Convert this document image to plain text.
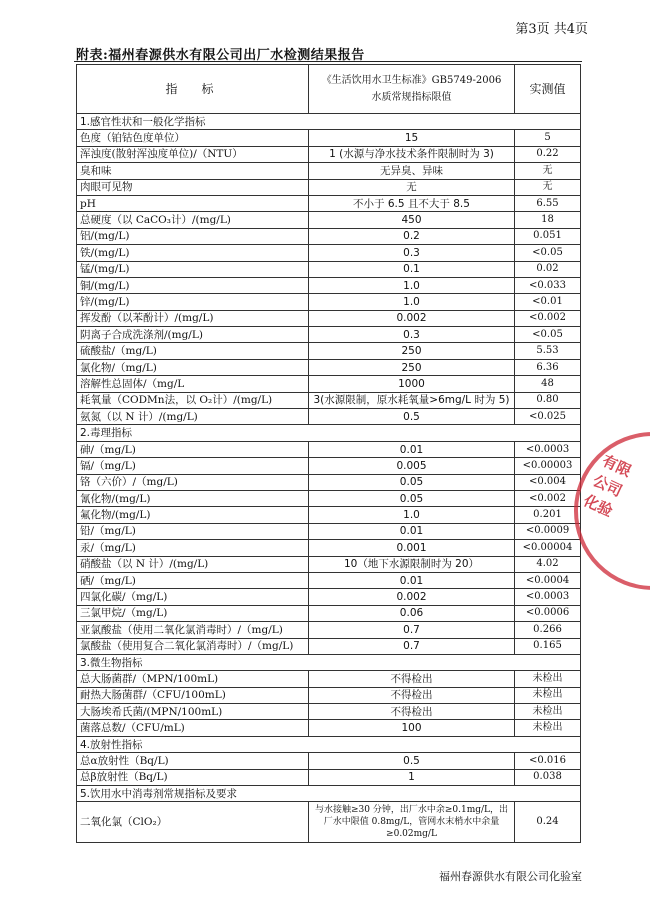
第3页 共4页
附表:福州春源供水有限公司出厂水检测结果报告
指　标	《生活饮用水卫生标准》GB5749-2006
水质常规指标限值	实测值
1.感官性状和一般化学指标		
色度（铂钴色度单位）	15	5
浑浊度(散射浑浊度单位)/（NTU）	1 (水源与净水技术条件限制时为 3)	0.22
臭和味	无异臭、异味	无
肉眼可见物	无	无
pH	不小于 6.5 且不大于 8.5	6.55
总硬度（以 CaCO₃计）/(mg/L)	450	18
铝/(mg/L)	0.2	0.051
铁/(mg/L)	0.3	<0.05
锰/(mg/L)	0.1	0.02
铜/(mg/L)	1.0	<0.033
锌/(mg/L)	1.0	<0.01
挥发酚（以苯酚计）/(mg/L)	0.002	<0.002
阴离子合成洗涤剂/(mg/L)	0.3	<0.05
硫酸盐/（mg/L)	250	5.53
氯化物/（mg/L)	250	6.36
溶解性总固体/（mg/L	1000	48
耗氧量（CODMn法，以 O₂计）/(mg/L)	3(水源限制，原水耗氧量>6mg/L 时为 5)	0.80
氨氮（以 N 计）/(mg/L)	0.5	<0.025
2.毒理指标		
砷/（mg/L)	0.01	<0.0003
镉/（mg/L)	0.005	<0.00003
铬（六价）/（mg/L)	0.05	<0.004
氰化物/(mg/L)	0.05	<0.002
氟化物/(mg/L)	1.0	0.201
铅/（mg/L)	0.01	<0.0009
汞/（mg/L)	0.001	<0.00004
硝酸盐（以 N 计）/(mg/L)	10（地下水源限制时为 20）	4.02
硒/（mg/L)	0.01	<0.0004
四氯化碳/（mg/L)	0.002	<0.0003
三氯甲烷/（mg/L)	0.06	<0.0006
亚氯酸盐（使用二氧化氯消毒时）/（mg/L)	0.7	0.266
氯酸盐（使用复合二氧化氯消毒时）/（mg/L)	0.7	0.165
3.微生物指标		
总大肠菌群/（MPN/100mL)	不得检出	未检出
耐热大肠菌群/（CFU/100mL)	不得检出	未检出
大肠埃希氏菌/(MPN/100mL)	不得检出	未检出
菌落总数/（CFU/mL)	100	未检出
4.放射性指标		
总α放射性（Bq/L)	0.5	<0.016
总β放射性（Bq/L)	1	0.038
5.饮用水中消毒剂常规指标及要求		
二氧化氯（ClO₂）	与水接触≥30 分钟，出厂水中余≥0.1mg/L，出厂水中限值 0.8mg/L，管网水末梢水中余量≥0.02mg/L	0.24
有限
公司
化验
福州春源供水有限公司化验室
